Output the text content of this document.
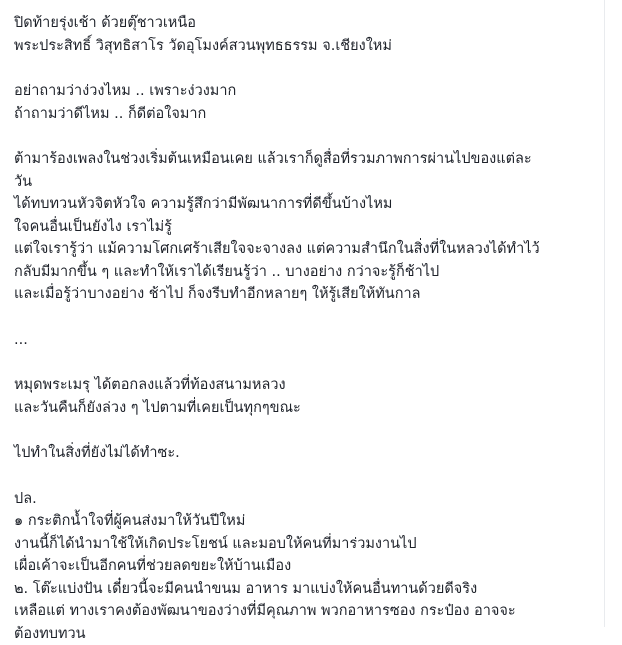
ปิดท้ายรุ่งเช้า ด้วยตุ๊ชาวเหนือ
พระประสิทธิ์ วิสุทธิสาโร วัดอุโมงค์สวนพุทธธรรม จ.เชียงใหม่
อย่าถามว่าง่วงไหม .. เพราะง่วงมาก
ถ้าถามว่าดีไหม .. ก็ดีต่อใจมาก
ต้ามาร้องเพลงในช่วงเริ่มต้นเหมือนเคย แล้วเราก็ดูสื่อที่รวมภาพการผ่านไปของแต่ละ
วัน
ได้ทบทวนหัวจิตหัวใจ ความรู้สึกว่ามีพัฒนาการที่ดีขึ้นบ้างไหม
ใจคนอื่นเป็นยังไง เราไม่รู้
แต่ใจเรารู้ว่า แม้ความโศกเศร้าเสียใจจะจางลง แต่ความสำนึกในสิ่งที่ในหลวงได้ทำไว้
กลับมีมากขึ้น ๆ และทำให้เราได้เรียนรู้ว่า .. บางอย่าง กว่าจะรู้ก็ช้าไป
และเมื่อรู้ว่าบางอย่าง ช้าไป ก็จงรีบทำอีกหลายๆ ให้รู้เสียให้ทันกาล
...
หมุดพระเมรุ ได้ตอกลงแล้วที่ท้องสนามหลวง
และวันคืนก็ยังล่วง ๆ ไปตามที่เคยเป็นทุกๆขณะ
ไปทำในสิ่งที่ยังไม่ได้ทำซะ.
ปล.
๑ กระติกน้ำใจที่ผู้คนส่งมาให้วันปีใหม่
งานนี้ก็ได้นำมาใช้ให้เกิดประโยชน์ และมอบให้คนที่มาร่วมงานไป
เผื่อเค้าจะเป็นอีกคนที่ช่วยลดขยะให้บ้านเมือง
๒. โต๊ะแบ่งปัน เดี๋ยวนี้จะมีคนนำขนม อาหาร มาแบ่งให้คนอื่นทานด้วยดีจริง
เหลือแต่ ทางเราคงต้องพัฒนาของว่างที่มีคุณภาพ พวกอาหารซอง กระป๋อง อาจจะ
ต้องทบทวน
